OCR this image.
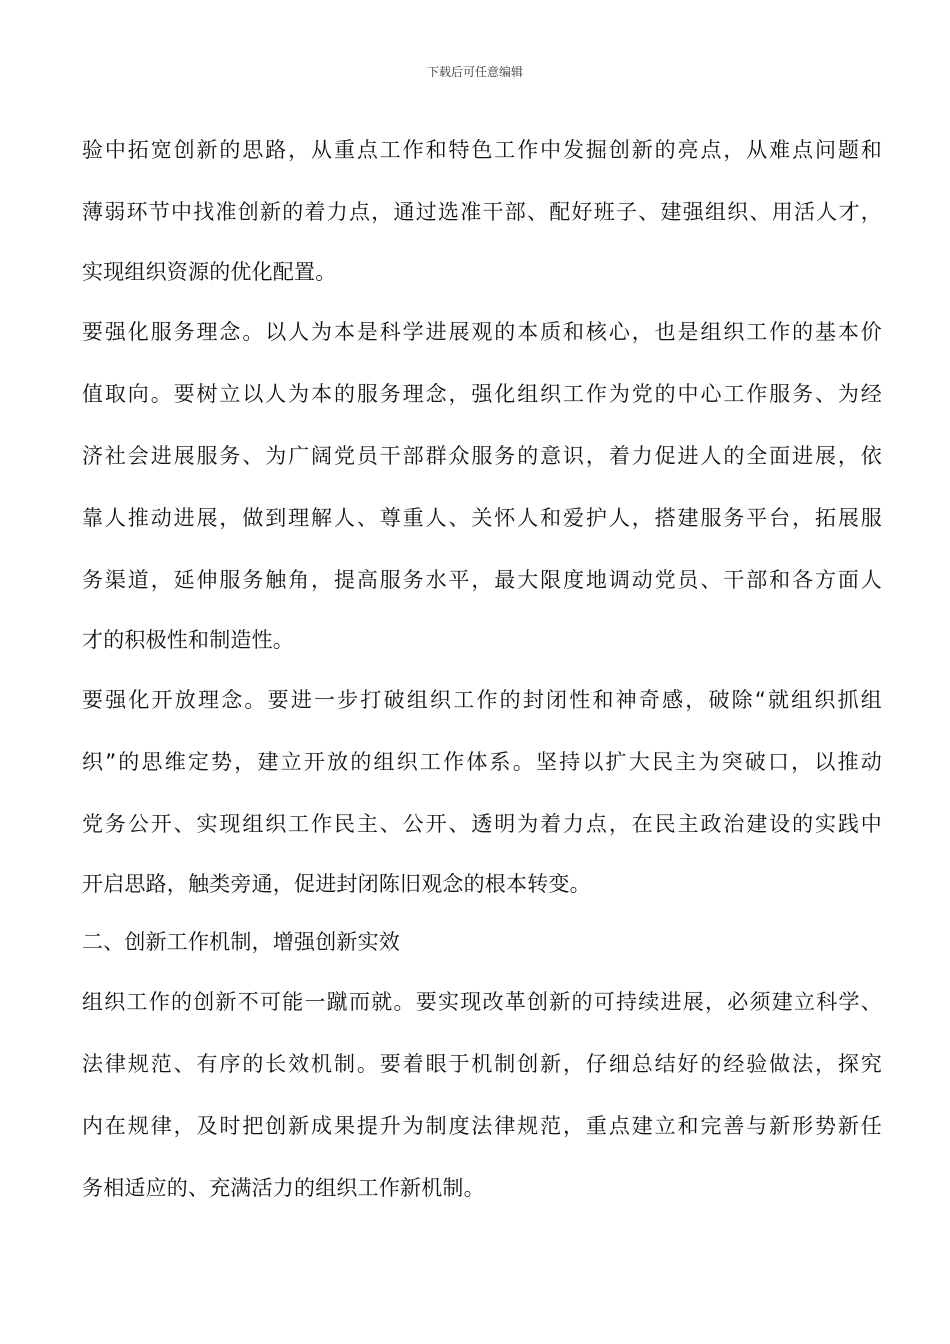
下载后可任意编辑
验中拓宽创新的思路，从重点工作和特色工作中发掘创新的亮点，从难点问题和
薄弱环节中找准创新的着力点，通过选准干部、配好班子、建强组织、用活人才，
实现组织资源的优化配置。
要强化服务理念。以人为本是科学进展观的本质和核心，也是组织工作的基本价
值取向。要树立以人为本的服务理念，强化组织工作为党的中心工作服务、为经
济社会进展服务、为广阔党员干部群众服务的意识，着力促进人的全面进展，依
靠人推动进展，做到理解人、尊重人、关怀人和爱护人，搭建服务平台，拓展服
务渠道，延伸服务触角，提高服务水平，最大限度地调动党员、干部和各方面人
才的积极性和制造性。
要强化开放理念。要进一步打破组织工作的封闭性和神奇感，破除“就组织抓组
织”的思维定势，建立开放的组织工作体系。坚持以扩大民主为突破口，以推动
党务公开、实现组织工作民主、公开、透明为着力点，在民主政治建设的实践中
开启思路，触类旁通，促进封闭陈旧观念的根本转变。
二、创新工作机制，增强创新实效
组织工作的创新不可能一蹴而就。要实现改革创新的可持续进展，必须建立科学、
法律规范、有序的长效机制。要着眼于机制创新，仔细总结好的经验做法，探究
内在规律，及时把创新成果提升为制度法律规范，重点建立和完善与新形势新任
务相适应的、充满活力的组织工作新机制。
